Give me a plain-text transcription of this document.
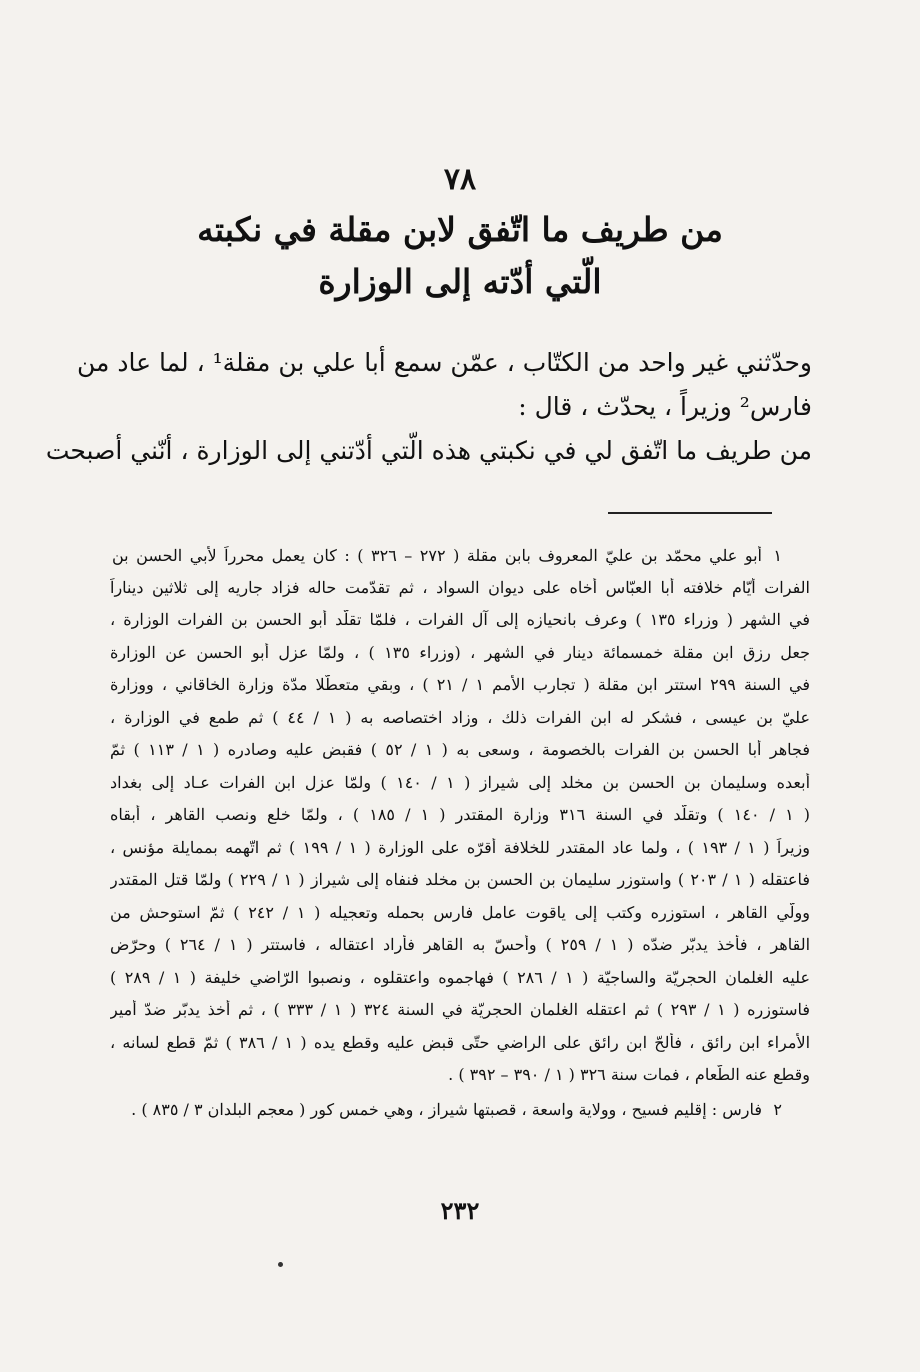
٧٨
من طريف ما اتّفق لابن مقلة في نكبته
الّتي أدّته إلى الوزارة
وحدّثني غير واحد من الكتّاب ، عمّن سمع أبا علي بن مقلة¹ ، لما عاد من
فارس² وزيراً ، يحدّث ، قال :
من طريف ما اتّفق لي في نكبتي هذه الّتي أدّتني إلى الوزارة ، أنّني أصبحت
١
أبو علي محمّد بن عليّ المعروف بابن مقلة ( ٢٧٢ – ٣٢٦ ) : كان يعمل محرراً لأبي الحسن بن
الفرات أيّام خلافته أبا العبّاس أخاه على ديوان السواد ، ثم تقدّمت حاله فزاد جاريه إلى ثلاثين ديناراً
في الشهر ( وزراء ١٣٥ ) وعرف بانحيازه إلى آل الفرات ، فلمّا تقلّد أبو الحسن بن الفرات الوزارة ،
جعل رزق ابن مقلة خمسمائة دينار في الشهر ، (وزراء ١٣٥ ) ، ولمّا عزل أبو الحسن عن الوزارة
في السنة ٢٩٩ استتر ابن مقلة ( تجارب الأمم ١ / ٢١ ) ، وبقي متعطّلا مدّة وزارة الخاقاني ، ووزارة
عليّ بن عيسى ، فشكر له ابن الفرات ذلك ، وزاد اختصاصه به ( ١ / ٤٤ ) ثم طمع في الوزارة ،
فجاهر أبا الحسن بن الفرات بالخصومة ، وسعى به ( ١ / ٥٢ ) فقبض عليه وصادره ( ١ / ١١٣ ) ثمّ
أبعده وسليمان بن الحسن بن مخلد إلى شيراز ( ١ / ١٤٠ ) ولمّا عزل ابن الفرات عـاد إلى بغداد
( ١ / ١٤٠ ) وتقلّد في السنة ٣١٦ وزارة المقتدر ( ١ / ١٨٥ ) ، ولمّا خلع ونصب القاهر ، أبقاه
وزيراً ( ١ / ١٩٣ ) ، ولما عاد المقتدر للخلافة أقرّه على الوزارة ( ١ / ١٩٩ ) ثم اتّهمه بممايلة مؤنس ،
فاعتقله ( ١ / ٢٠٣ ) واستوزر سليمان بن الحسن بن مخلد فنفاه إلى شيراز ( ١ / ٢٢٩ ) ولمّا قتل المقتدر
وولّي القاهر ، استوزره وكتب إلى ياقوت عامل فارس بحمله وتعجيله ( ١ / ٢٤٢ ) ثمّ استوحش من
القاهر ، فأخذ يدبّر ضدّه ( ١ / ٢٥٩ ) وأحسّ به القاهر فأراد اعتقاله ، فاستتر ( ١ / ٢٦٤ ) وحرّض
عليه الغلمان الحجريّة والساجيّة ( ١ / ٢٨٦ ) فهاجموه واعتقلوه ، ونصبوا الرّاضي خليفة ( ١ / ٢٨٩ )
فاستوزره ( ١ / ٢٩٣ ) ثم اعتقله الغلمان الحجريّة في السنة ٣٢٤ ( ١ / ٣٣٣ ) ، ثم أخذ يدبّر ضدّ أمير
الأمراء ابن رائق ، فألحّ ابن رائق على الراضي حتّى قبض عليه وقطع يده ( ١ / ٣٨٦ ) ثمّ قطع لسانه ،
وقطع عنه الطّعام ، فمات سنة ٣٢٦ ( ١ / ٣٩٠ – ٣٩٢ ) .
٢
فارس : إقليم فسيح ، وولاية واسعة ، قصبتها شيراز ، وهي خمس كور ( معجم البلدان ٣ / ٨٣٥ ) .
٢٣٢
